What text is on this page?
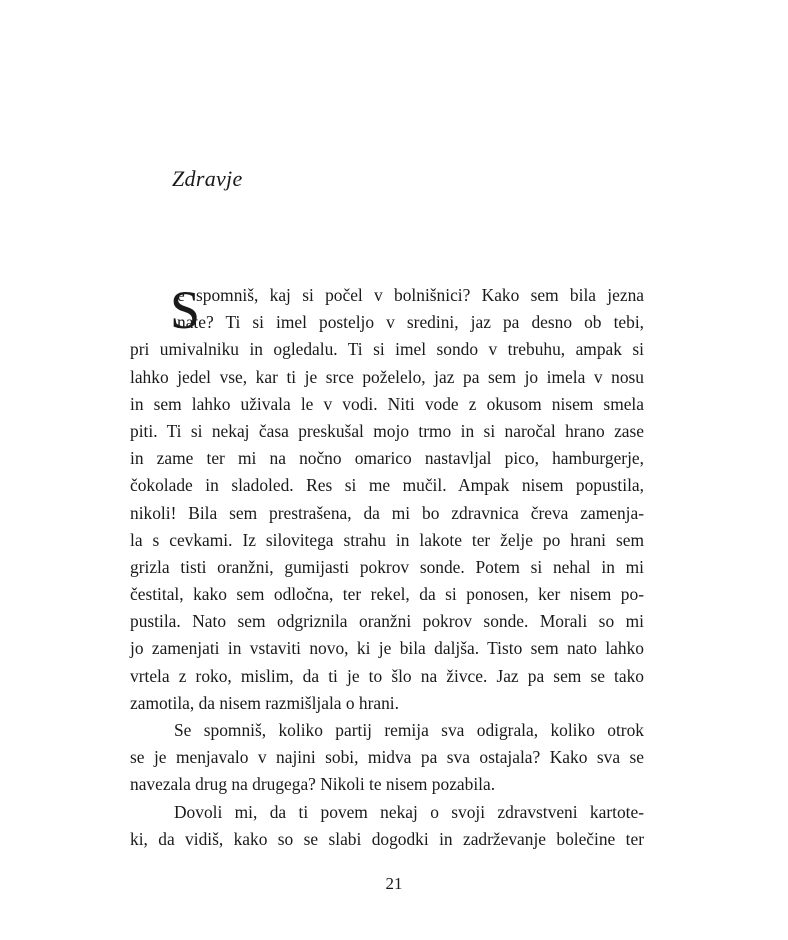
Zdravje
S
e spomniš, kaj si počel v bolnišnici? Kako sem bila jezna
nate? Ti si imel posteljo v sredini, jaz pa desno ob tebi,
pri umivalniku in ogledalu. Ti si imel sondo v trebuhu, ampak si
lahko jedel vse, kar ti je srce poželelo, jaz pa sem jo imela v nosu
in sem lahko uživala le v vodi. Niti vode z okusom nisem smela
piti. Ti si nekaj časa preskušal mojo trmo in si naročal hrano zase
in zame ter mi na nočno omarico nastavljal pico, hamburgerje,
čokolade in sladoled. Res si me mučil. Ampak nisem popustila,
nikoli! Bila sem prestrašena, da mi bo zdravnica čreva zamenja-
la s cevkami. Iz silovitega strahu in lakote ter želje po hrani sem
grizla tisti oranžni, gumijasti pokrov sonde. Potem si nehal in mi
čestital, kako sem odločna, ter rekel, da si ponosen, ker nisem po-
pustila. Nato sem odgriznila oranžni pokrov sonde. Morali so mi
jo zamenjati in vstaviti novo, ki je bila daljša. Tisto sem nato lahko
vrtela z roko, mislim, da ti je to šlo na živce. Jaz pa sem se tako
zamotila, da nisem razmišljala o hrani.
Se spomniš, koliko partij remija sva odigrala, koliko otrok
se je menjavalo v najini sobi, midva pa sva ostajala? Kako sva se
navezala drug na drugega? Nikoli te nisem pozabila.
Dovoli mi, da ti povem nekaj o svoji zdravstveni kartote-
ki, da vidiš, kako so se slabi dogodki in zadrževanje bolečine ter

21
